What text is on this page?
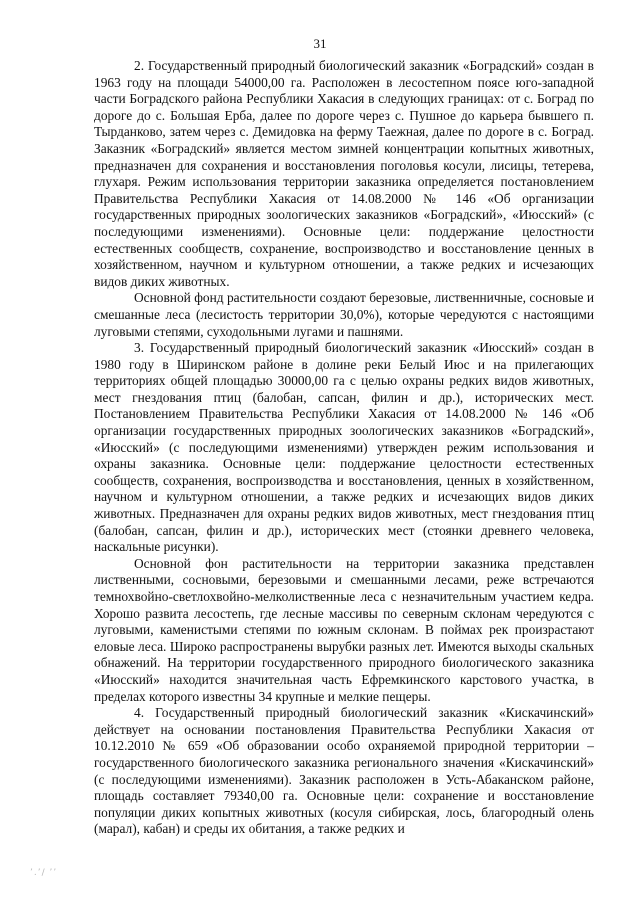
31

2. Государственный природный биологический заказник «Боградский» создан в 1963 году на площади 54000,00 га. Расположен в лесостепном поясе юго-западной части Боградского района Республики Хакасия в следующих границах: от с. Боград по дороге до с. Большая Ерба, далее по дороге через с. Пушное до карьера бывшего п. Тырданково, затем через с. Демидовка на ферму Таежная, далее по дороге в с. Боград. Заказник «Боградский» является местом зимней концентрации копытных животных, предназначен для сохранения и восстановления поголовья косули, лисицы, тетерева, глухаря. Режим использования территории заказника определяется постановлением Правительства Республики Хакасия от 14.08.2000 № 146 «Об организации государственных природных зоологических заказников «Боградский», «Июсский» (с последующими изменениями). Основные цели: поддержание целостности естественных сообществ, сохранение, воспроизводство и восстановление ценных в хозяйственном, научном и культурном отношении, а также редких и исчезающих видов диких животных.

Основной фонд растительности создают березовые, лиственничные, сосновые и смешанные леса (лесистость территории 30,0%), которые чередуются с настоящими луговыми степями, суходольными лугами и пашнями.

3. Государственный природный биологический заказник «Июсский» создан в 1980 году в Ширинском районе в долине реки Белый Июс и на прилегающих территориях общей площадью 30000,00 га с целью охраны редких видов животных, мест гнездования птиц (балобан, сапсан, филин и др.), исторических мест. Постановлением Правительства Республики Хакасия от 14.08.2000 № 146 «Об организации государственных природных зоологических заказников «Боградский», «Июсский» (с последующими изменениями) утвержден режим использования и охраны заказника. Основные цели: поддержание целостности естественных сообществ, сохранения, воспроизводства и восстановления, ценных в хозяйственном, научном и культурном отношении, а также редких и исчезающих видов диких животных. Предназначен для охраны редких видов животных, мест гнездования птиц (балобан, сапсан, филин и др.), исторических мест (стоянки древнего человека, наскальные рисунки).

Основной фон растительности на территории заказника представлен лиственными, сосновыми, березовыми и смешанными лесами, реже встречаются темнохвойно-светлохвойно-мелколиственные леса с незначительным участием кедра. Хорошо развита лесостепь, где лесные массивы по северным склонам чередуются с луговыми, каменистыми степями по южным склонам. В поймах рек произрастают еловые леса. Широко распространены вырубки разных лет. Имеются выходы скальных обнажений. На территории государственного природного биологического заказника «Июсский» находится значительная часть Ефремкинского карстового участка, в пределах которого известны 34 крупные и мелкие пещеры.

4. Государственный природный биологический заказник «Кискачинский» действует на основании постановления Правительства Республики Хакасия от 10.12.2010 № 659 «Об образовании особо охраняемой природной территории – государственного биологического заказника регионального значения «Кискачинский» (с последующими изменениями). Заказник расположен в Усть-Абаканском районе, площадь составляет 79340,00 га. Основные цели: сохранение и восстановление популяции диких копытных животных (косуля сибирская, лось, благородный олень (марал), кабан) и среды их обитания, а также редких и

’.’/ ’’
